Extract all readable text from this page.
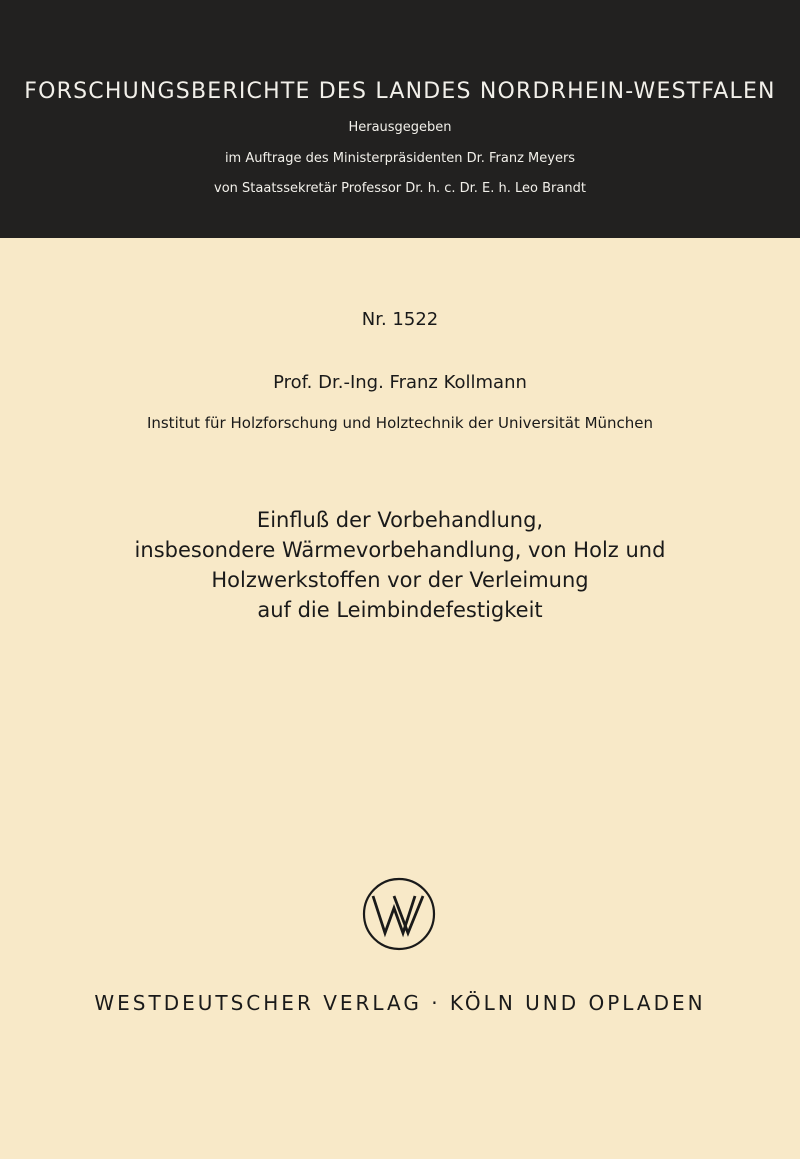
FORSCHUNGSBERICHTE DES LANDES NORDRHEIN-WESTFALEN
Herausgegeben
im Auftrage des Ministerpräsidenten Dr. Franz Meyers
von Staatssekretär Professor Dr. h. c. Dr. E. h. Leo Brandt
Nr. 1522
Prof. Dr.-Ing. Franz Kollmann
Institut für Holzforschung und Holztechnik der Universität München
Einfluß der Vorbehandlung,
insbesondere Wärmevorbehandlung, von Holz und
Holzwerkstoffen vor der Verleimung
auf die Leimbindefestigkeit
WESTDEUTSCHER VERLAG · KÖLN UND OPLADEN
